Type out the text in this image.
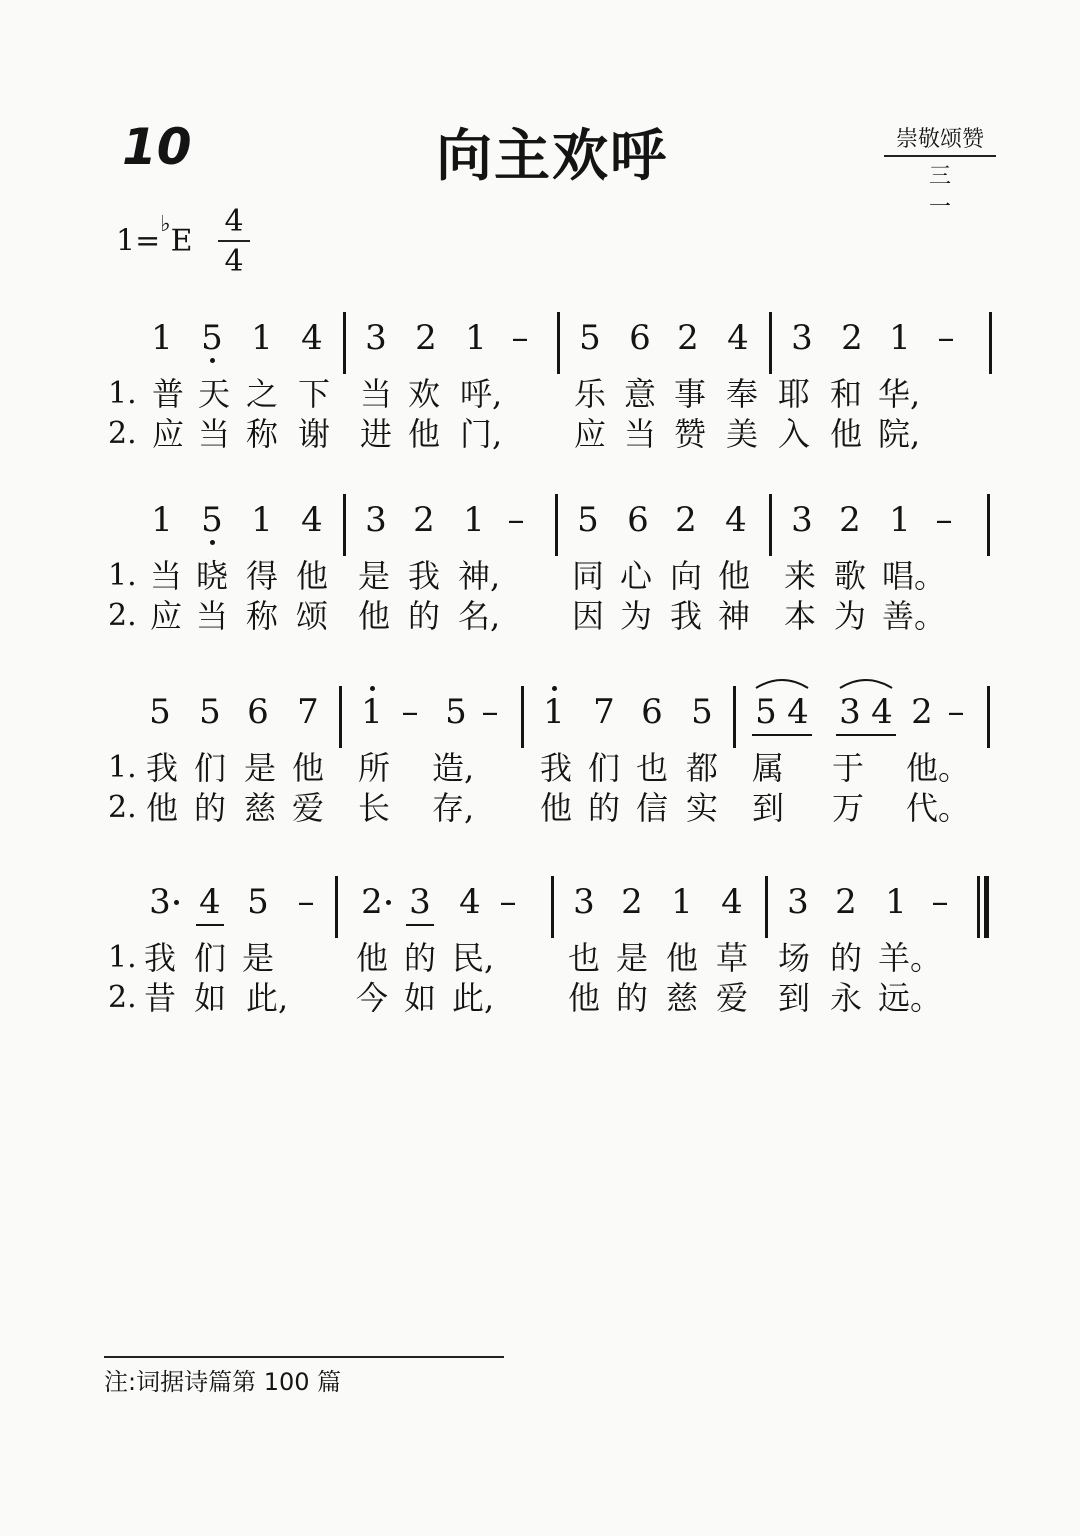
10	向主欢呼	崇敬颂赞
三 一
1=♭E
4
4
1 5 1 4 3 2 1 – 5 6 2 4 3 2 1 –
1. 普 天 之 下 当 欢 呼, 乐 意 事 奉 耶 和 华,
2. 应 当 称 谢 进 他 门, 应 当 赞 美 入 他 院,
1 5 1 4 3 2 1 – 5 6 2 4 3 2 1 –
1. 当 晓 得 他 是 我 神, 同 心 向 他 来 歌 唱。
2. 应 当 称 颂 他 的 名, 因 为 我 神 本 为 善。
5 5 6 7 1 – 5 – 1 7 6 5 5 4 3 4 2 –
1. 我 们 是 他 所 造, 我 们 也 都 属 于 他。
2. 他 的 慈 爱 长 存, 他 的 信 实 到 万 代。
3 4 5 – 2 3 4 – 3 2 1 4 3 2 1 –
1. 我 们 是	他 的 民, 也 是 他 草 场 的 羊。
2. 昔 如 此, 今 如 此, 他 的 慈 爱 到 永 远。
注:词据诗篇第 100 篇
